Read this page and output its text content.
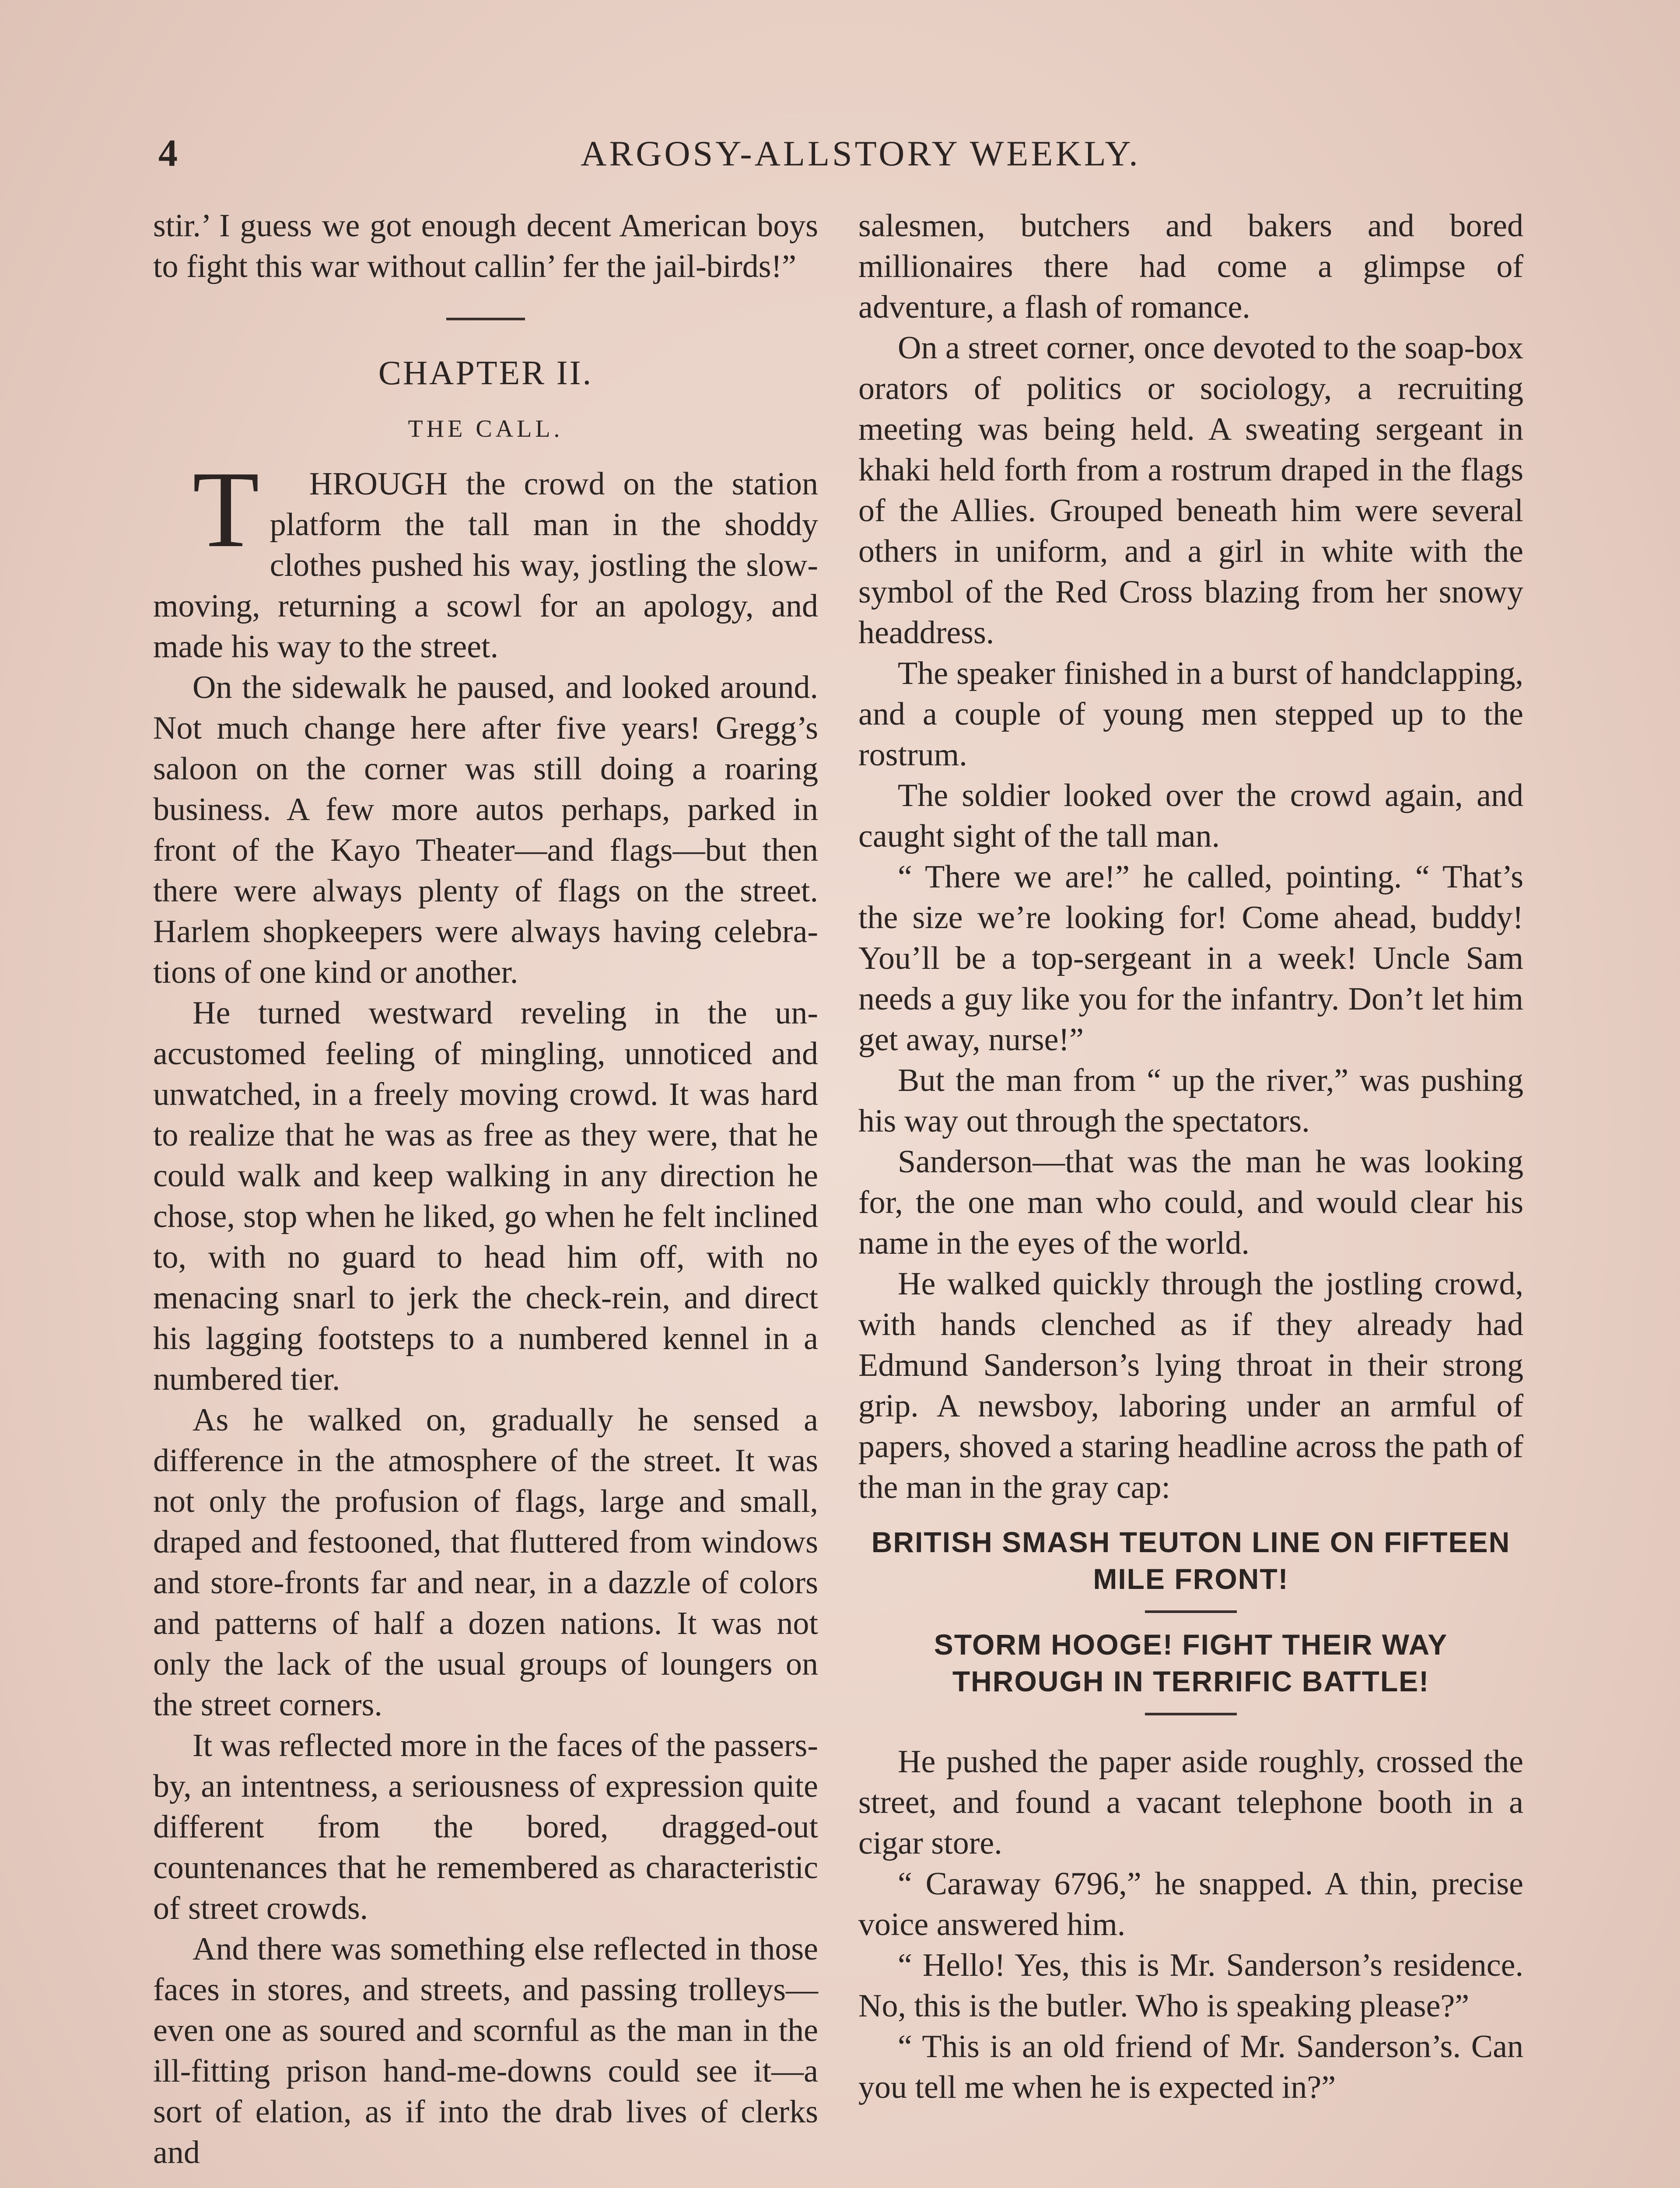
4	ARGOSY-ALLSTORY WEEKLY.

stir.’ I guess we got enough decent American boys to fight this war without callin’ fer the jail-birds!”

CHAPTER II.
THE CALL.

T HROUGH the crowd on the station platform the tall man in the shoddy clothes pushed his way, jostling the slow-moving, returning a scowl for an apology, and made his way to the street.

On the sidewalk he paused, and looked around. Not much change here after five years! Gregg’s saloon on the corner was still doing a roaring business. A few more autos perhaps, parked in front of the Kayo Theater—and flags—but then there were always plenty of flags on the street. Harlem shopkeepers were always having celebrations of one kind or another.

He turned westward reveling in the unaccustomed feeling of mingling, unnoticed and unwatched, in a freely moving crowd. It was hard to realize that he was as free as they were, that he could walk and keep walking in any direction he chose, stop when he liked, go when he felt inclined to, with no guard to head him off, with no menacing snarl to jerk the check-rein, and direct his lagging footsteps to a numbered kennel in a numbered tier.

As he walked on, gradually he sensed a difference in the atmosphere of the street. It was not only the profusion of flags, large and small, draped and festooned, that fluttered from windows and store-fronts far and near, in a dazzle of colors and patterns of half a dozen nations. It was not only the lack of the usual groups of loungers on the street corners.

It was reflected more in the faces of the passers-by, an intentness, a seriousness of expression quite different from the bored, dragged-out countenances that he remembered as characteristic of street crowds.

And there was something else reflected in those faces in stores, and streets, and passing trolleys—even one as soured and scornful as the man in the ill-fitting prison hand-me-downs could see it—a sort of elation, as if into the drab lives of clerks and

salesmen, butchers and bakers and bored millionaires there had come a glimpse of adventure, a flash of romance.

On a street corner, once devoted to the soap-box orators of politics or sociology, a recruiting meeting was being held. A sweating sergeant in khaki held forth from a rostrum draped in the flags of the Allies. Grouped beneath him were several others in uniform, and a girl in white with the symbol of the Red Cross blazing from her snowy headdress.

The speaker finished in a burst of handclapping, and a couple of young men stepped up to the rostrum.

The soldier looked over the crowd again, and caught sight of the tall man.

“ There we are!” he called, pointing. “ That’s the size we’re looking for! Come ahead, buddy! You’ll be a top-sergeant in a week! Uncle Sam needs a guy like you for the infantry. Don’t let him get away, nurse!”

But the man from “ up the river,” was pushing his way out through the spectators.

Sanderson—that was the man he was looking for, the one man who could, and would clear his name in the eyes of the world.

He walked quickly through the jostling crowd, with hands clenched as if they already had Edmund Sanderson’s lying throat in their strong grip. A newsboy, laboring under an armful of papers, shoved a staring headline across the path of the man in the gray cap:

BRITISH SMASH TEUTON LINE ON FIFTEEN MILE FRONT!
STORM HOOGE! FIGHT THEIR WAY THROUGH IN TERRIFIC BATTLE!

He pushed the paper aside roughly, crossed the street, and found a vacant telephone booth in a cigar store.

“ Caraway 6796,” he snapped. A thin, precise voice answered him.

“ Hello! Yes, this is Mr. Sanderson’s residence. No, this is the butler. Who is speaking please?”

“ This is an old friend of Mr. Sanderson’s. Can you tell me when he is expected in?”
